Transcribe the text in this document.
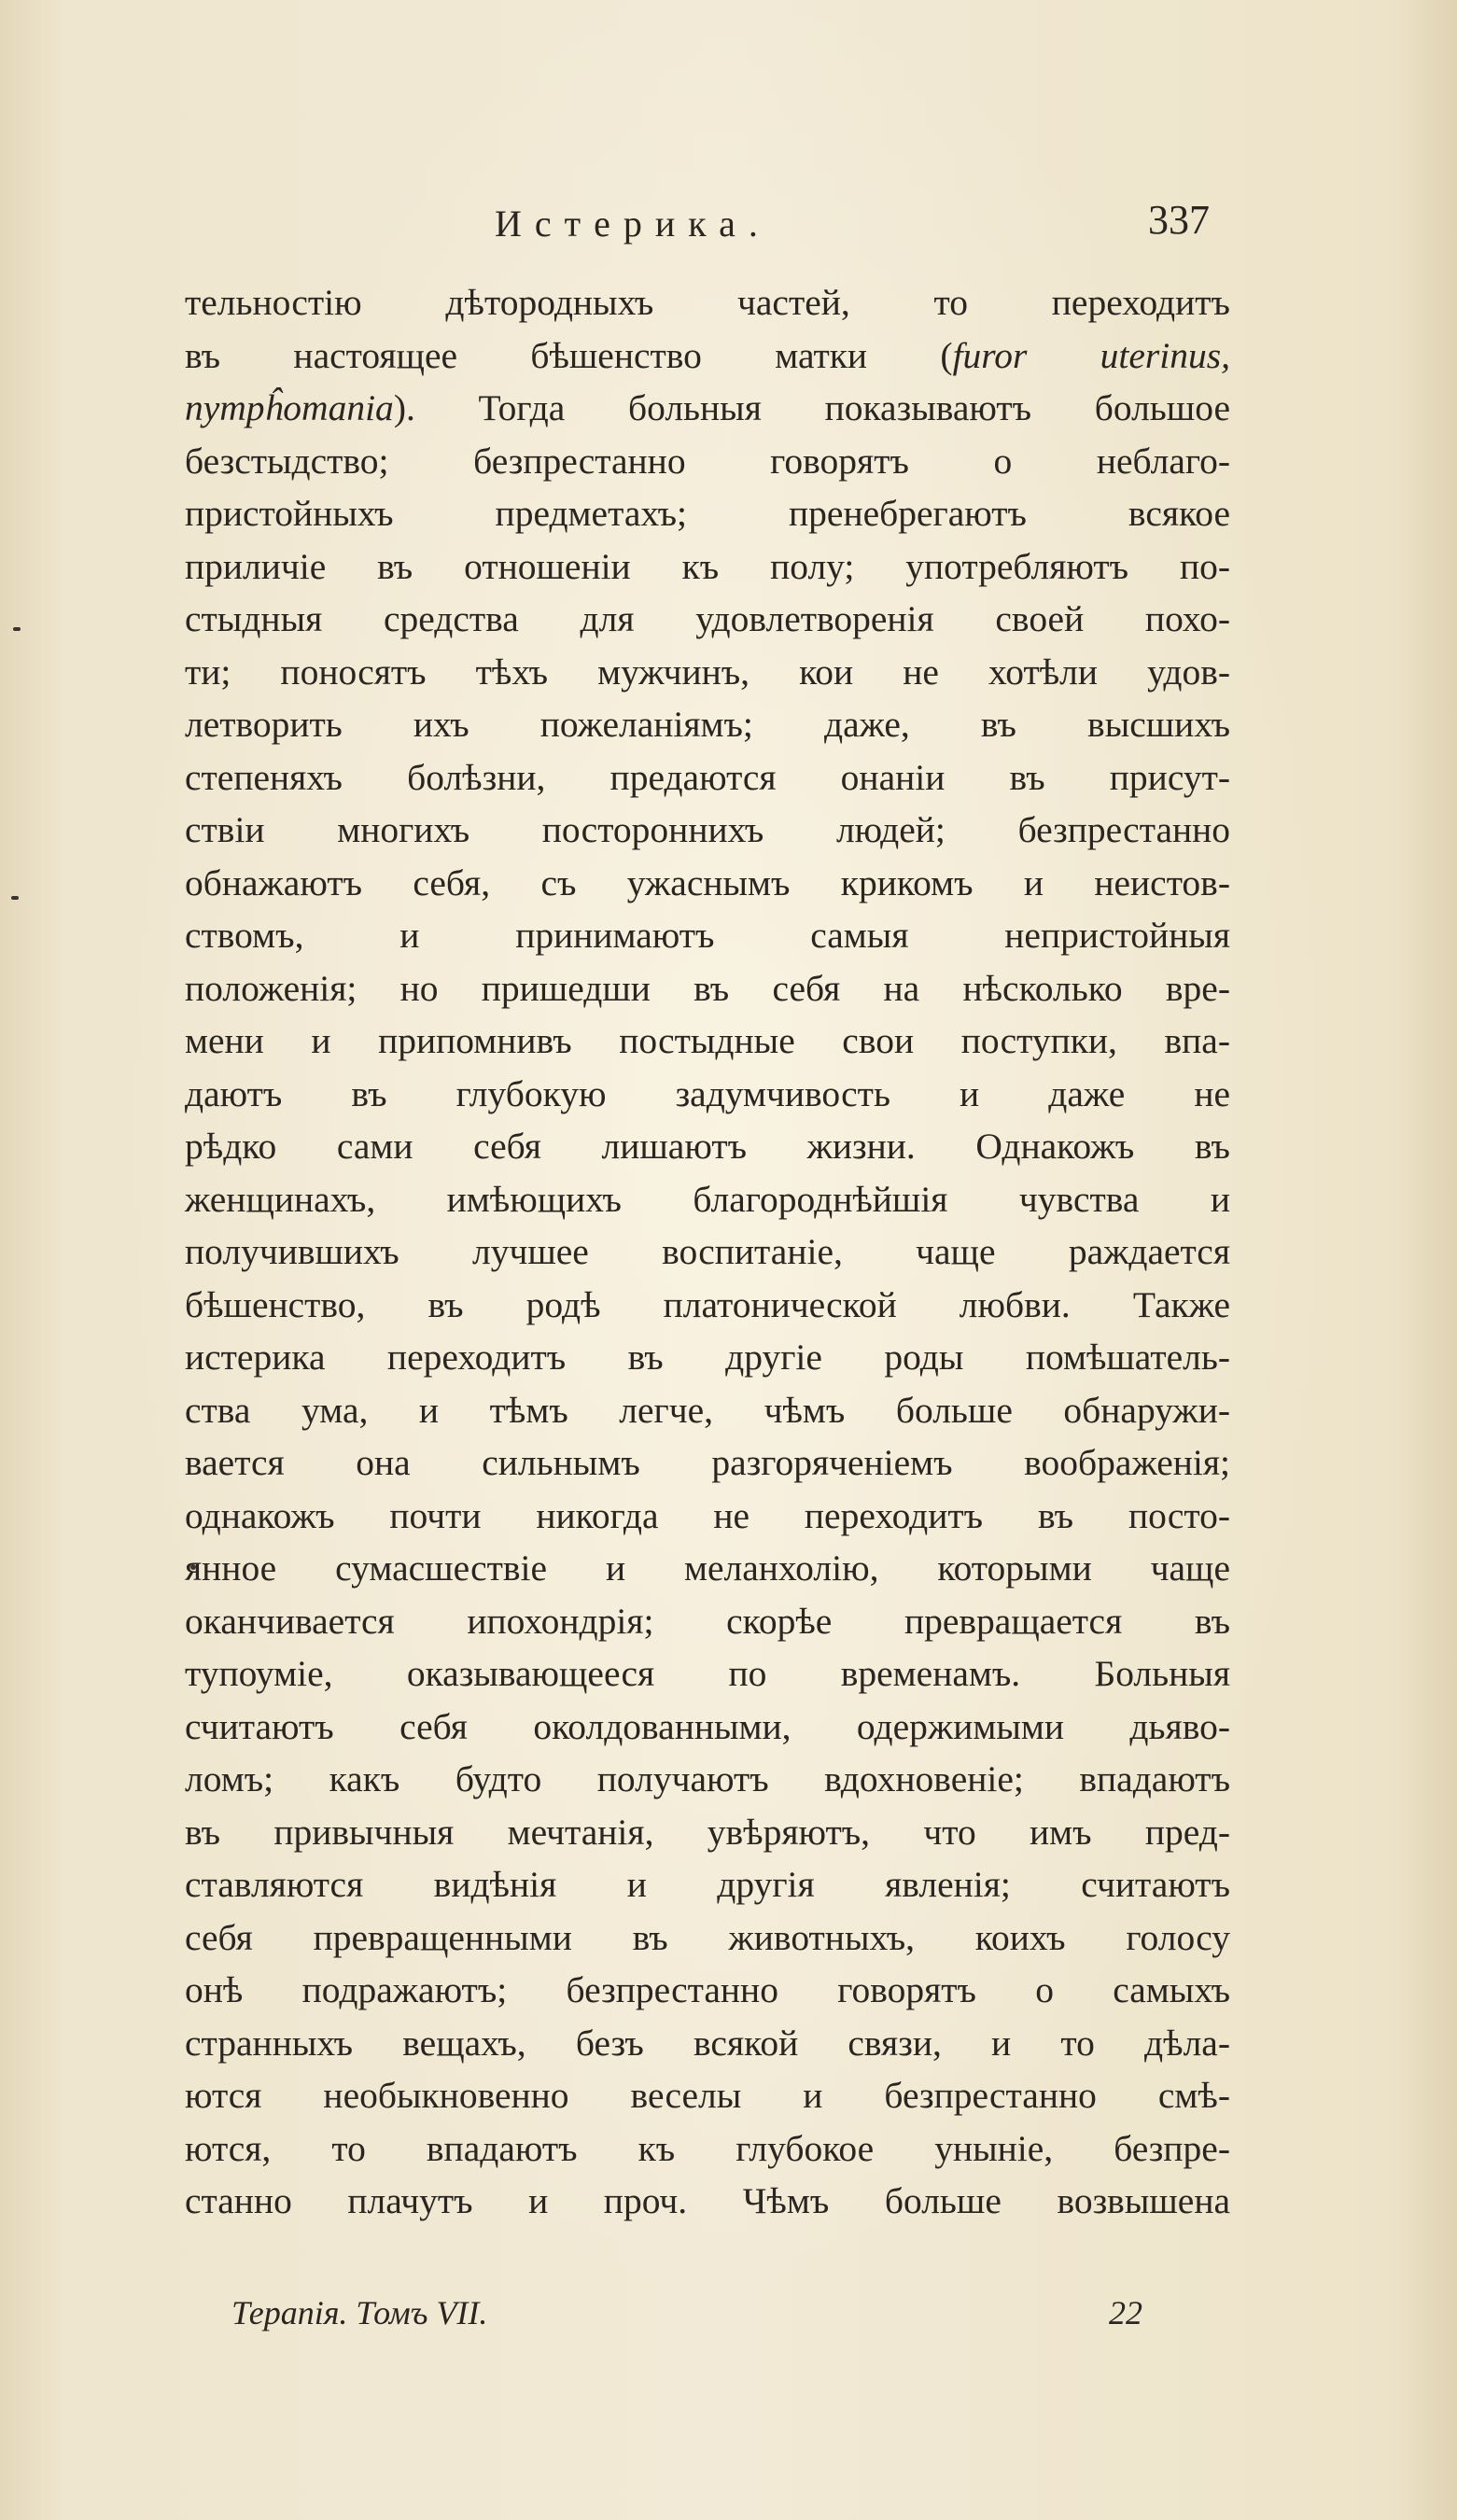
Истерика.	337
тельностію дѣтородныхъ частей, то переходитъ
въ настоящее бѣшенство матки (furor uterinus,
nympĥomania). Тогда больныя показываютъ большое
безстыдство; безпрестанно говорятъ о неблаго-
пристойныхъ предметахъ; пренебрегаютъ всякое
приличіе въ отношеніи къ полу; употребляютъ по-
стыдныя средства для удовлетворенія своей похо-
ти; поносятъ тѣхъ мужчинъ, кои не хотѣли удов-
летворить ихъ пожеланіямъ; даже, въ высшихъ
степеняхъ болѣзни, предаются онаніи въ присут-
ствіи многихъ постороннихъ людей; безпрестанно
обнажаютъ себя, съ ужаснымъ крикомъ и неистов-
ствомъ, и принимаютъ самыя непристойныя
положенія; но пришедши въ себя на нѣсколько вре-
мени и припомнивъ постыдные свои поступки, впа-
даютъ въ глубокую задумчивость и даже не
рѣдко сами себя лишаютъ жизни. Однакожъ въ
женщинахъ, имѣющихъ благороднѣйшія чувства и
получившихъ лучшее воспитаніе, чаще раждается
бѣшенство, въ родѣ платонической любви. Также
истерика переходитъ въ другіе роды помѣшатель-
ства ума, и тѣмъ легче, чѣмъ больше обнаружи-
вается она сильнымъ разгоряченіемъ воображенія;
однакожъ почти никогда не переходитъ въ посто-
янное сумасшествіе и меланхолію, которыми чаще
оканчивается ипохондрія; скорѣе превращается въ
тупоуміе, оказывающееся по временамъ. Больныя
считаютъ себя околдованными, одержимыми дьяво-
ломъ; какъ будто получаютъ вдохновеніе; впадаютъ
въ привычныя мечтанія, увѣряютъ, что имъ пред-
ставляются видѣнія и другія явленія; считаютъ
себя превращенными въ животныхъ, коихъ голосу
онѣ подражаютъ; безпрестанно говорятъ о самыхъ
странныхъ вещахъ, безъ всякой связи, и то дѣла-
ются необыкновенно веселы и безпрестанно смѣ-
ются, то впадаютъ къ глубокое уныніе, безпре-
станно плачутъ и проч. Чѣмъ больше возвышена
Терапія. Томъ VII.	22
